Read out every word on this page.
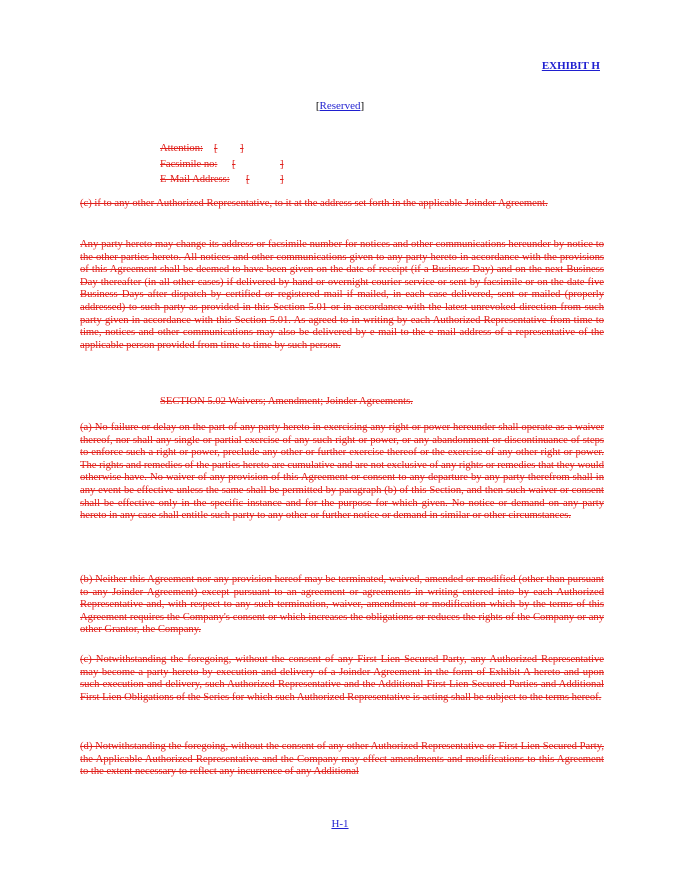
EXHIBIT H
[Reserved]
Attention: [ ]
Facsimile no: [	]
E-Mail Address: [	]

(c) if to any other Authorized Representative, to it at the address set forth in the applicable Joinder Agreement.

Any party hereto may change its address or facsimile number for notices and other communications hereunder by notice to the other parties hereto. All notices and other communications given to any party hereto in accordance with the provisions of this Agreement shall be deemed to have been given on the date of receipt (if a Business Day) and on the next Business Day thereafter (in all other cases) if delivered by hand or overnight courier service or sent by facsimile or on the date five Business Days after dispatch by certified or registered mail if mailed, in each case delivered, sent or mailed (properly addressed) to such party as provided in this Section 5.01 or in accordance with the latest unrevoked direction from such party given in accordance with this Section 5.01. As agreed to in writing by each Authorized Representative from time to time, notices and other communications may also be delivered by e-mail to the e-mail address of a representative of the applicable person provided from time to time by such person.

SECTION 5.02 Waivers; Amendment; Joinder Agreements.

(a) No failure or delay on the part of any party hereto in exercising any right or power hereunder shall operate as a waiver thereof, nor shall any single or partial exercise of any such right or power, or any abandonment or discontinuance of steps to enforce such a right or power, preclude any other or further exercise thereof or the exercise of any other right or power. The rights and remedies of the parties hereto are cumulative and are not exclusive of any rights or remedies that they would otherwise have. No waiver of any provision of this Agreement or consent to any departure by any party therefrom shall in any event be effective unless the same shall be permitted by paragraph (b) of this Section, and then such waiver or consent shall be effective only in the specific instance and for the purpose for which given. No notice or demand on any party hereto in any case shall entitle such party to any other or further notice or demand in similar or other circumstances.

(b) Neither this Agreement nor any provision hereof may be terminated, waived, amended or modified (other than pursuant to any Joinder Agreement) except pursuant to an agreement or agreements in writing entered into by each Authorized Representative and, with respect to any such termination, waiver, amendment or modification which by the terms of this Agreement requires the Company's consent or which increases the obligations or reduces the rights of the Company or any other Grantor, the Company.

(c) Notwithstanding the foregoing, without the consent of any First Lien Secured Party, any Authorized Representative may become a party hereto by execution and delivery of a Joinder Agreement in the form of Exhibit A hereto and upon such execution and delivery, such Authorized Representative and the Additional First Lien Secured Parties and Additional First Lien Obligations of the Series for which such Authorized Representative is acting shall be subject to the terms hereof.

(d) Notwithstanding the foregoing, without the consent of any other Authorized Representative or First Lien Secured Party, the Applicable Authorized Representative and the Company may effect amendments and modifications to this Agreement to the extent necessary to reflect any incurrence of any Additional

H-1
